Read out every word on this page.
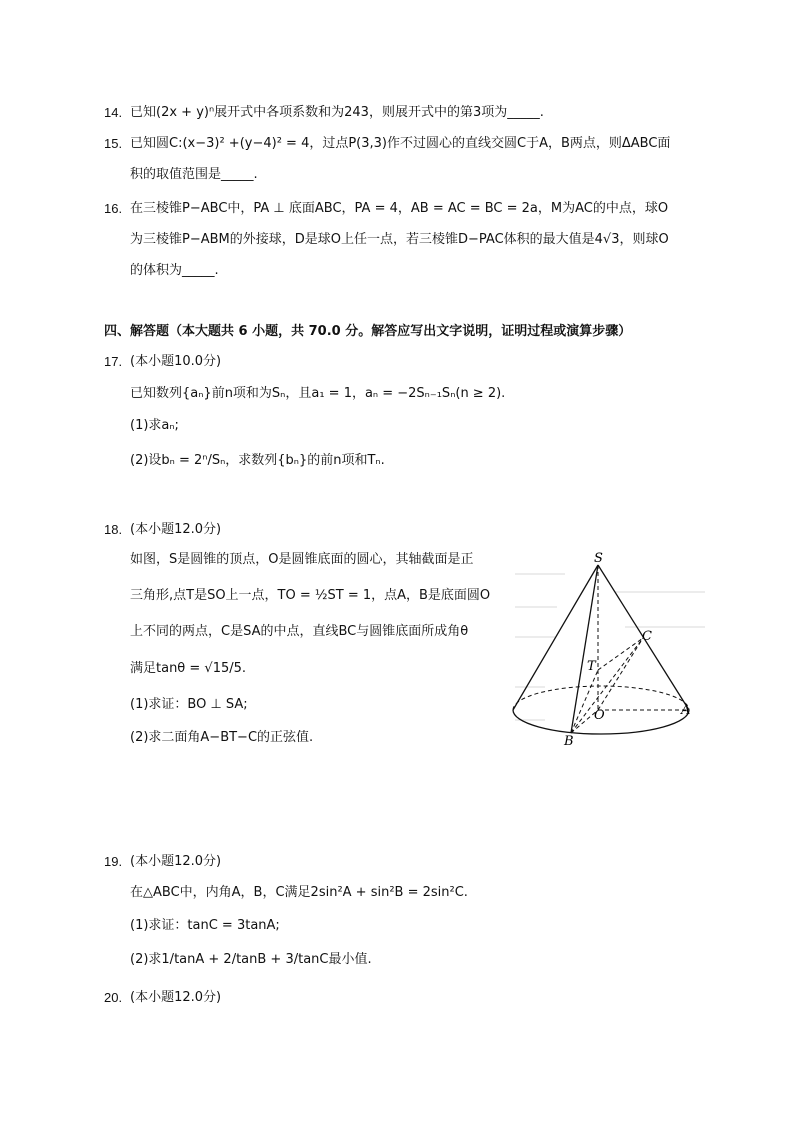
14. 已知(2x + y)ⁿ展开式中各项系数和为243，则展开式中的第3项为_____.
15. 已知圆C:(x−3)² +(y−4)² = 4，过点P(3,3)作不过圆心的直线交圆C于A，B两点，则ΔABC面
积的取值范围是_____.
16. 在三棱锥P−ABC中，PA ⊥ 底面ABC，PA = 4，AB = AC = BC = 2a，M为AC的中点，球O
为三棱锥P−ABM的外接球，D是球O上任一点，若三棱锥D−PAC体积的最大值是4√3，则球O
的体积为_____.
四、解答题（本大题共 6 小题，共 70.0 分。解答应写出文字说明，证明过程或演算步骤）
17. (本小题10.0分)
已知数列{aₙ}前n项和为Sₙ，且a₁ = 1，aₙ = −2Sₙ₋₁Sₙ(n ≥ 2).
(1)求aₙ;
(2)设bₙ = 2ⁿ/Sₙ，求数列{bₙ}的前n项和Tₙ.
18. (本小题12.0分)
如图，S是圆锥的顶点，O是圆锥底面的圆心，其轴截面是正
三角形,点T是SO上一点，TO = ½ST = 1，点A，B是底面圆O
上不同的两点，C是SA的中点，直线BC与圆锥底面所成角θ
满足tanθ = √15/5.
(1)求证：BO ⊥ SA;
(2)求二面角A−BT−C的正弦值.
S
C
T
O	A
B
19. (本小题12.0分)
在△ABC中，内角A，B，C满足2sin²A + sin²B = 2sin²C.
(1)求证：tanC = 3tanA;
(2)求1/tanA + 2/tanB + 3/tanC最小值.
20. (本小题12.0分)
